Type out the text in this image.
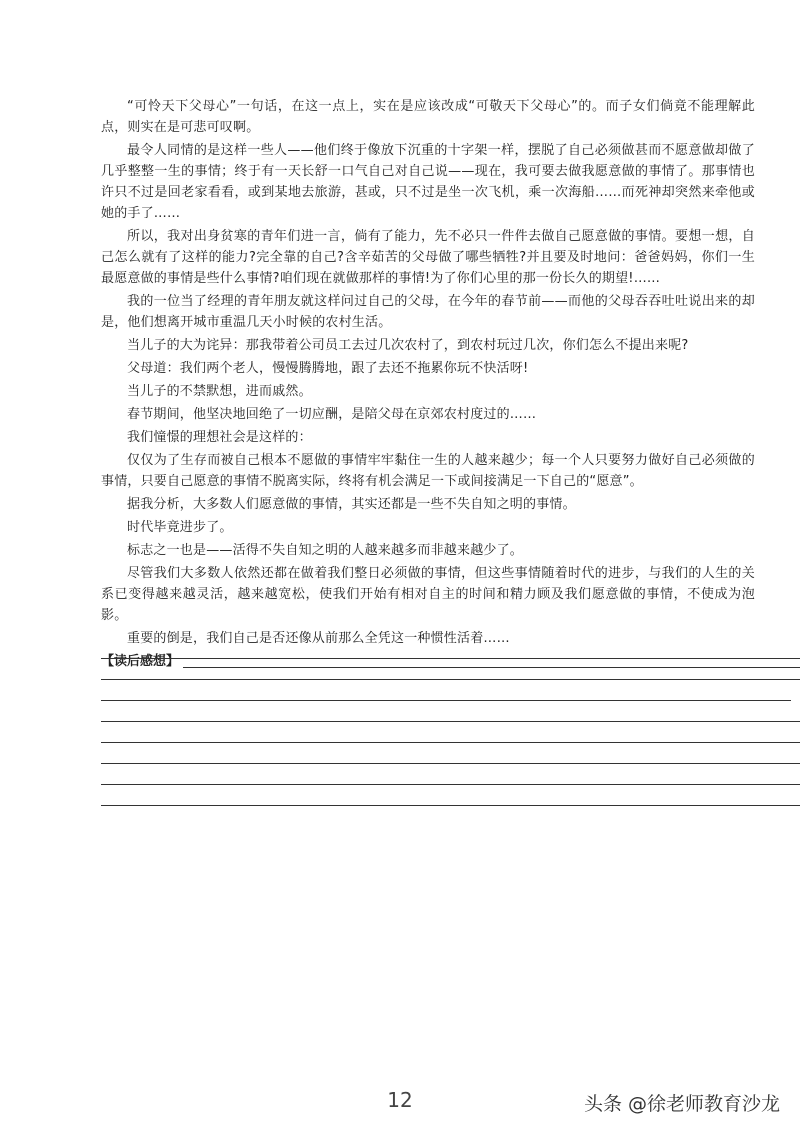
“可怜天下父母心”一句话，在这一点上，实在是应该改成“可敬天下父母心”的。而子女们倘竟不能理解此点，则实在是可悲可叹啊。

最令人同情的是这样一些人——他们终于像放下沉重的十字架一样，摆脱了自己必须做甚而不愿意做却做了几乎整整一生的事情；终于有一天长舒一口气自己对自己说——现在，我可要去做我愿意做的事情了。那事情也许只不过是回老家看看，或到某地去旅游，甚或，只不过是坐一次飞机，乘一次海船……而死神却突然来牵他或她的手了……

所以，我对出身贫寒的青年们进一言，倘有了能力，先不必只一件件去做自己愿意做的事情。要想一想，自己怎么就有了这样的能力?完全靠的自己?含辛茹苦的父母做了哪些牺牲?并且要及时地问：爸爸妈妈，你们一生最愿意做的事情是些什么事情?咱们现在就做那样的事情!为了你们心里的那一份长久的期望!……

我的一位当了经理的青年朋友就这样问过自己的父母，在今年的春节前——而他的父母吞吞吐吐说出来的却是，他们想离开城市重温几天小时候的农村生活。

当儿子的大为诧异：那我带着公司员工去过几次农村了，到农村玩过几次，你们怎么不提出来呢?

父母道：我们两个老人，慢慢腾腾地，跟了去还不拖累你玩不快活呀!

当儿子的不禁默想，进而戚然。

春节期间，他坚决地回绝了一切应酬，是陪父母在京郊农村度过的……

我们憧憬的理想社会是这样的：

仅仅为了生存而被自己根本不愿做的事情牢牢黏住一生的人越来越少；每一个人只要努力做好自己必须做的事情，只要自己愿意的事情不脱离实际，终将有机会满足一下或间接满足一下自己的“愿意”。

据我分析，大多数人们愿意做的事情，其实还都是一些不失自知之明的事情。

时代毕竟进步了。

标志之一也是——活得不失自知之明的人越来越多而非越来越少了。

尽管我们大多数人依然还都在做着我们整日必须做的事情，但这些事情随着时代的进步，与我们的人生的关系已变得越来越灵活，越来越宽松，使我们开始有相对自主的时间和精力顾及我们愿意做的事情，不使成为泡影。

重要的倒是，我们自己是否还像从前那么全凭这一种惯性活着……

【读后感想】
12	头条 @徐老师教育沙龙
